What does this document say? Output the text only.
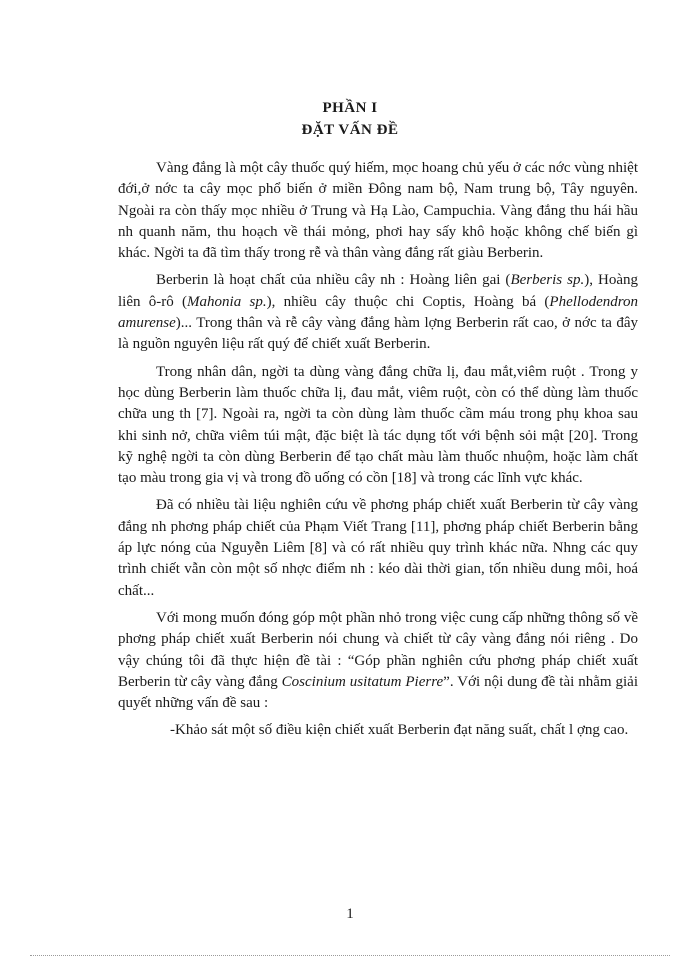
PHẦN I
ĐẶT VẤN ĐỀ

Vàng đắng là một cây thuốc quý hiếm, mọc hoang chủ yếu ở các nớc vùng nhiệt đới,ở nớc ta cây mọc phổ biến ở miền Đông nam bộ, Nam trung bộ, Tây nguyên. Ngoài ra còn thấy mọc nhiều ở Trung và Hạ Lào, Campuchia. Vàng đắng thu hái hầu nh quanh năm, thu hoạch về thái mỏng, phơi hay sấy khô hoặc không chế biến gì khác. Ngời ta đã tìm thấy trong rễ và thân vàng đắng rất giàu Berberin.

Berberin là hoạt chất của nhiều cây nh : Hoàng liên gai (Berberis sp.), Hoàng liên ô-rô (Mahonia sp.), nhiều cây thuộc chi Coptis, Hoàng bá (Phellodendron amurense)... Trong thân và rễ cây vàng đắng hàm lợng Berberin rất cao, ở nớc ta đây là nguồn nguyên liệu rất quý để chiết xuất Berberin.

Trong nhân dân, ngời ta dùng vàng đắng chữa lị, đau mắt,viêm ruột . Trong y học dùng Berberin làm thuốc chữa lị, đau mắt, viêm ruột, còn có thể dùng làm thuốc chữa ung th [7]. Ngoài ra, ngời ta còn dùng làm thuốc cầm máu trong phụ khoa sau khi sinh nở, chữa viêm túi mật, đặc biệt là tác dụng tốt với bệnh sỏi mật [20]. Trong kỹ nghệ ngời ta còn dùng Berberin để tạo chất màu làm thuốc nhuộm, hoặc làm chất tạo màu trong gia vị và trong đồ uống có cồn [18] và trong các lĩnh vực khác.

Đã có nhiều tài liệu nghiên cứu về phơng pháp chiết xuất Berberin từ cây vàng đắng nh phơng pháp chiết của Phạm Viết Trang [11], phơng pháp chiết Berberin bằng áp lực nóng của Nguyễn Liêm [8] và có rất nhiều quy trình khác nữa. Nhng các quy trình chiết vẫn còn một số nhợc điểm nh : kéo dài thời gian, tốn nhiều dung môi, hoá chất...

Với mong muốn đóng góp một phần nhỏ trong việc cung cấp những thông số về phơng pháp chiết xuất Berberin nói chung và chiết từ cây vàng đắng nói riêng . Do vậy chúng tôi đã thực hiện đề tài : “Góp phần nghiên cứu phơng pháp chiết xuất Berberin từ cây vàng đắng Coscinium usitatum Pierre”. Với nội dung đề tài nhằm giải quyết những vấn đề sau :

-Khảo sát một số điều kiện chiết xuất Berberin đạt năng suất, chất l ợng cao.

1
